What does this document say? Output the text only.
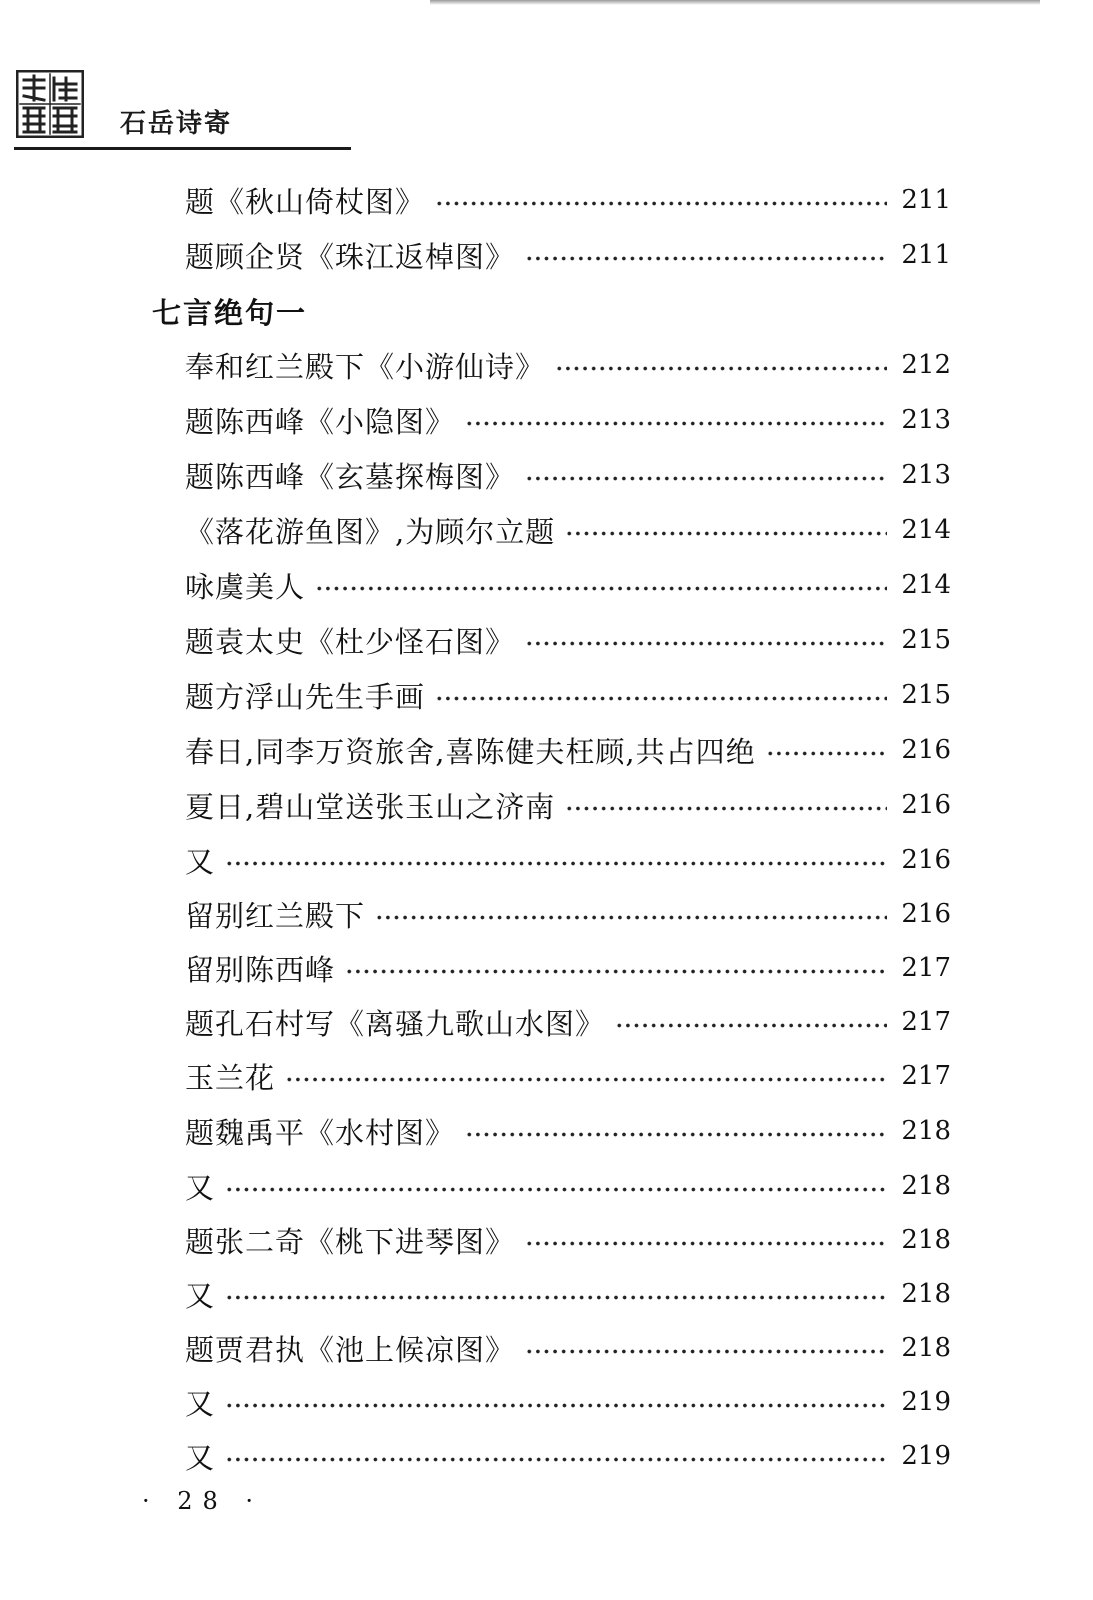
石岳诗寄
题《秋山倚杖图》	211
题顾企贤《珠江返棹图》	211
七言绝句一
奉和红兰殿下《小游仙诗》	212
题陈西峰《小隐图》	213
题陈西峰《玄墓探梅图》	213
《落花游鱼图》,为顾尔立题	214
咏虞美人	214
题袁太史《杜少怪石图》	215
题方浮山先生手画	215
春日,同李万资旅舍,喜陈健夫枉顾,共占四绝	216
夏日,碧山堂送张玉山之济南	216
又	216
留别红兰殿下	216
留别陈西峰	217
题孔石村写《离骚九歌山水图》	217
玉兰花	217
题魏禹平《水村图》	218
又	218
题张二奇《桃下进琴图》	218
又	218
题贾君执《池上候凉图》	218
又	219
又	219
· 28 ·
